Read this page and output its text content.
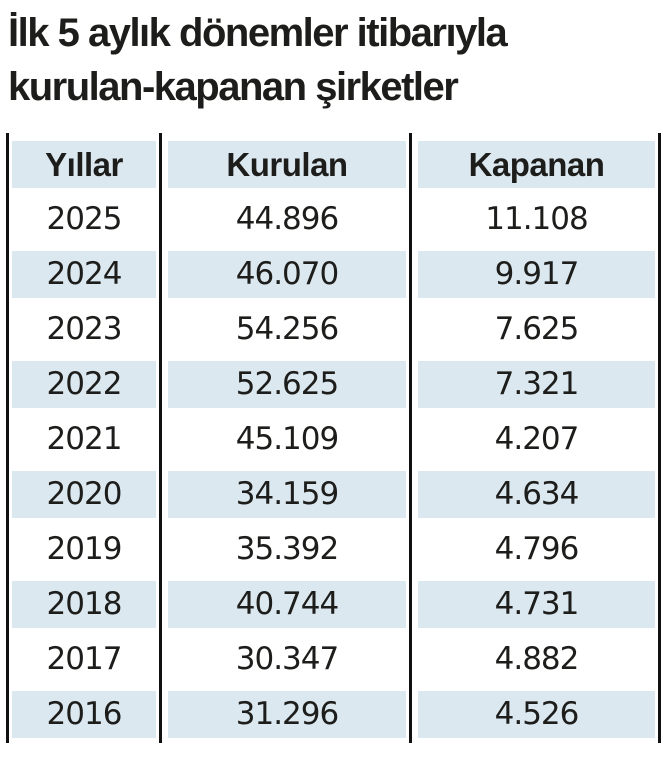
İlk 5 aylık dönemler itibarıyla
kurulan-kapanan şirketler
Yıllar	Kurulan	Kapanan
2025	44.896	11.108
2024	46.070	9.917
2023	54.256	7.625
2022	52.625	7.321
2021	45.109	4.207
2020	34.159	4.634
2019	35.392	4.796
2018	40.744	4.731
2017	30.347	4.882
2016	31.296	4.526
